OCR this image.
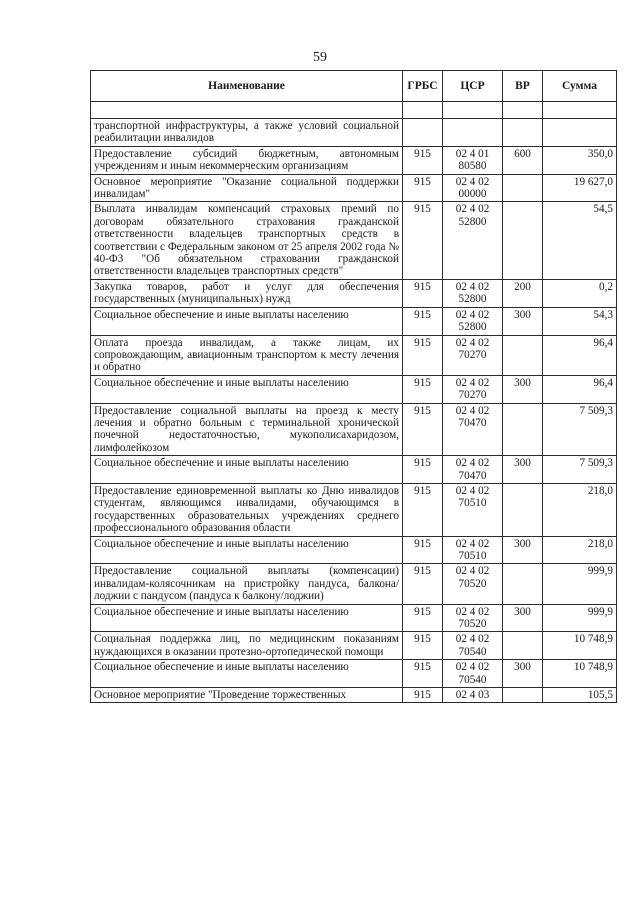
59
Наименование	ГРБС	ЦСР	ВР	Сумма

транспортной инфраструктуры, а также условий социальной реабилитации инвалидов				
Предоставление субсидий бюджетным, автономным учреждениям и иным некоммерческим организациям	915	02 4 01 80580	600	350,0
Основное мероприятие "Оказание социальной поддержки инвалидам"	915	02 4 02 00000		19 627,0
Выплата инвалидам компенсаций страховых премий по договорам обязательного страхования гражданской ответственности владельцев транспортных средств в соответствии с Федеральным законом от 25 апреля 2002 года № 40-ФЗ "Об обязательном страховании гражданской ответственности владельцев транспортных средств"	915	02 4 02 52800		54,5
Закупка товаров, работ и услуг для обеспечения государственных (муниципальных) нужд	915	02 4 02 52800	200	0,2
Социальное обеспечение и иные выплаты населению	915	02 4 02 52800	300	54,3
Оплата проезда инвалидам, а также лицам, их сопровождающим, авиационным транспортом к месту лечения и обратно	915	02 4 02 70270		96,4
Социальное обеспечение и иные выплаты населению	915	02 4 02 70270	300	96,4
Предоставление социальной выплаты на проезд к месту лечения и обратно больным с терминальной хронической почечной недостаточностью, мукополисахаридозом, лимфолейкозом	915	02 4 02 70470		7 509,3
Социальное обеспечение и иные выплаты населению	915	02 4 02 70470	300	7 509,3
Предоставление единовременной выплаты ко Дню инвалидов студентам, являющимся инвалидами, обучающимся в государственных образовательных учреждениях среднего профессионального образования области	915	02 4 02 70510		218,0
Социальное обеспечение и иные выплаты населению	915	02 4 02 70510	300	218,0
Предоставление социальной выплаты (компенсации) инвалидам-колясочникам на пристройку пандуса, балкона/лоджии с пандусом (пандуса к балкону/лоджии)	915	02 4 02 70520		999,9
Социальное обеспечение и иные выплаты населению	915	02 4 02 70520	300	999,9
Социальная поддержка лиц, по медицинским показаниям нуждающихся в оказании протезно-ортопедической помощи	915	02 4 02 70540		10 748,9
Социальное обеспечение и иные выплаты населению	915	02 4 02 70540	300	10 748,9
Основное мероприятие "Проведение торжественных	915	02 4 03		105,5
